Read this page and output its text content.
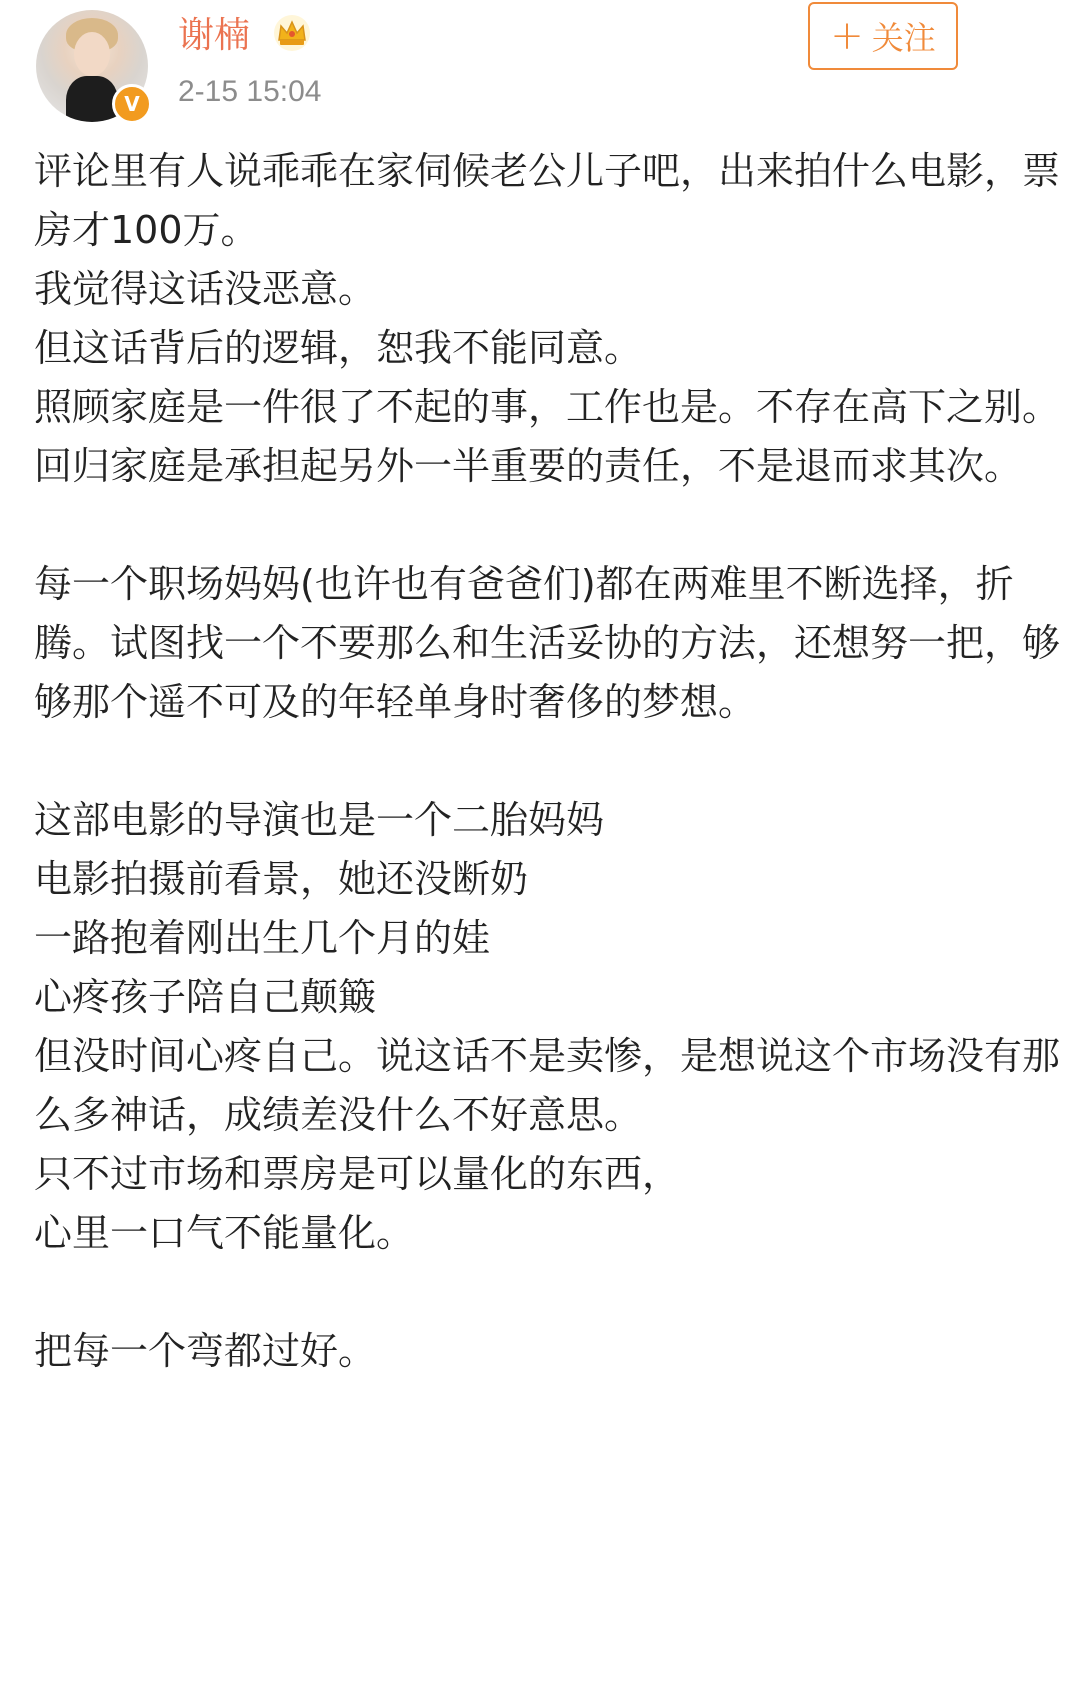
V
谢楠
2-15 15:04
+ 关注

评论里有人说乖乖在家伺候老公儿子吧，出来拍什么电影，票房才100万。

我觉得这话没恶意。

但这话背后的逻辑，恕我不能同意。

照顾家庭是一件很了不起的事，工作也是。不存在高下之别。回归家庭是承担起另外一半重要的责任，不是退而求其次。

每一个职场妈妈(也许也有爸爸们)都在两难里不断选择，折腾。试图找一个不要那么和生活妥协的方法，还想努一把，够够那个遥不可及的年轻单身时奢侈的梦想。

这部电影的导演也是一个二胎妈妈

电影拍摄前看景，她还没断奶

一路抱着刚出生几个月的娃

心疼孩子陪自己颠簸

但没时间心疼自己。说这话不是卖惨，是想说这个市场没有那么多神话，成绩差没什么不好意思。

只不过市场和票房是可以量化的东西，

心里一口气不能量化。

把每一个弯都过好。
